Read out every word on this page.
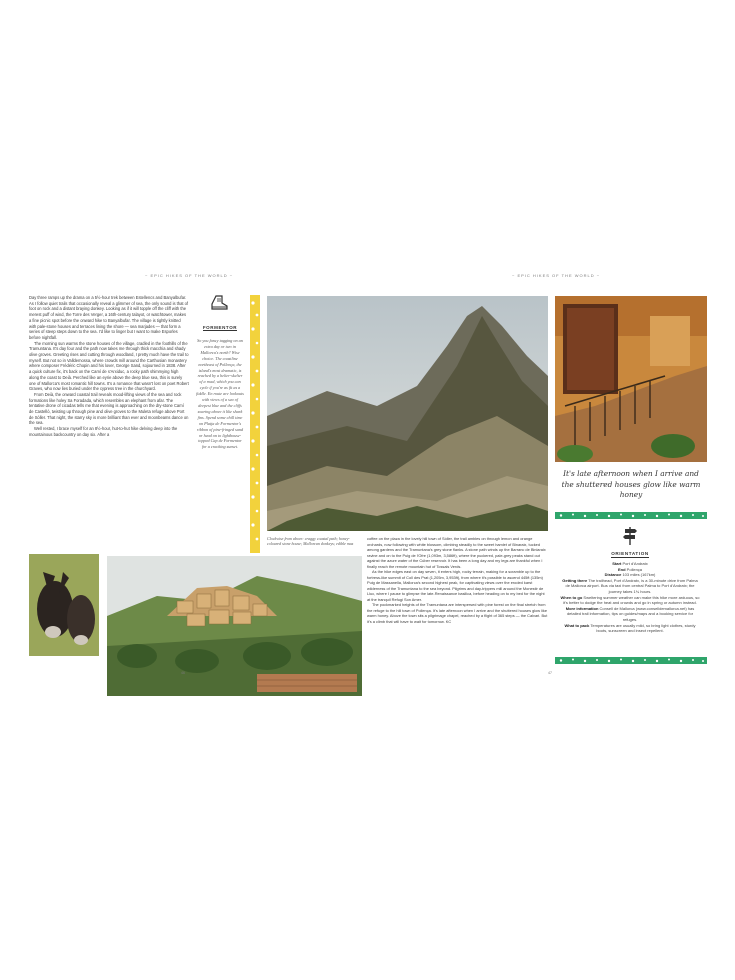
~ EPIC HIKES OF THE WORLD ~	~ EPIC HIKES OF THE WORLD ~

Day three ramps up the drama on a 5½-hour trek between Estellencs and Banyalbufar. As I follow quiet trails that occasionally reveal a glimmer of sea, the only sound is that of foot on rock and a distant braying donkey. Looking as if it will topple off the cliff with the merest puff of wind, the Torre des Verger, a 16th-century talayot, or watchtower, makes a fine picnic spot before the onward hike to Banyalbufar. The village is tightly knitted with pale-stone houses and terraces lining the shore — sea marjades — that form a series of steep steps down to the sea. I'd like to linger but I want to make Esporles before nightfall.

The morning sun warms the stone houses of the village, cradled in the foothills of the Tramuntana. It's day four and the path now takes me through thick macchia and shady olive groves. Greeting rises and cutting through woodland, I pretty much have the trail to myself. But not so in Valldemossa, where crowds mill around the Carthusian monastery where composer Frédéric Chopin and his lover, George Sand, sojourned in 1838. After a quick culture fix, it's back on the Camí de s'Arxiduc, a rocky path shimmying high along the coast to Deià. Perched like an eyrie above the deep blue sea, this is surely one of Mallorca's most romantic hill towns. It's a romance that wasn't lost on poet Robert Graves, who now lies buried under the cypress tree in the churchyard.

From Deià, the onward coastal trail reveals mood-lifting views of the sea and rock formations like holey Sa Foradada, which resembles an elephant from afar. The tentative drone of cicadas tells me that evening is approaching on the dry-stone Camí de Castelló, twisting up through pine and olive groves to the Muleta refuge above Port de Sóller. That night, the starry sky is more brilliant than ever and moonbeams dance on the sea.

Well rested, I brace myself for an 8½-hour, hut-to-hut hike delving deep into the mountainous backcountry on day six. After a

FORMENTOR
So you fancy tagging on an extra day or two in Mallorca's north? Wise choice. The coastline northeast of Pollença, the island's most dramatic, is reached by a helter-skelter of a road, which you can cycle if you're as fit as a fiddle. En route are lookouts with views of a sea of deepest blue and the cliffs soaring above it like shark fins. Spend some chill time on Platja de Formentor's ribbon of pine-fringed sand or head on to lighthouse-topped Cap de Formentor for a cracking sunset.
It's late afternoon when I arrive and the shuttered houses glow like warm honey
ORIENTATION
Start Port d'Andratx
End Pollença
Distance 103 miles (167km)
Getting there The trailhead, Port d'Andratx, is a 30-minute drive from Palma de Mallorca airport. Bus via taxi from central Palma to Port d'Andratx; the journey takes 1¾ hours.
When to go Sweltering summer weather can make this hike more arduous, so it's better to dodge the heat and crowds and go in spring or autumn instead.
More information Consell de Mallorca (www.conselldemallorca.net) has detailed trail information, tips on guides/maps and a booking service for refuges.
What to pack Temperatures are usually mild, so bring light clothes, sturdy boots, sunscreen and insect repellent.
Clockwise from above: craggy coastal path; honey-coloured stone house; Mallorcan donkeys; edible mas

coffee on the plaza in the lovely hill town of Sóller, the trail ambles on through lemon and orange orchards, now following with white blossom, climbing steadily to the sweet hamlet of Binaraix, tucked among gardens and the Tramuntana's grey stone flanks. A stone path winds up the Barranc de Biniaraix ravine and on to the Puig de l'Ofre (1,093m, 3,586ft), where the puckered, pale-grey peaks stand out against the azure water of the Cúber reservoir. It has been a long day and my legs are thankful when I finally reach the remote mountain hut of Tossals Verds.

As the hike edges east on day seven, it enters high, rocky terrain, making for a scramble up to the fortress-like summit of Coll des Prat (1,205m, 3,953ft), from where it's possible to ascend 445ft (135m) Puig de Massanella, Mallorca's second highest peak, for captivating views over the eroded karst wilderness of the Tramuntana to the sea beyond. Pilgrims and day-trippers mill around the Monestir de Lluc, where I pause to glimpse the late-Renaissance basilica, before heading on to my bed for the night at the tranquil Refugi Son Amer.

The pockmarked heights of the Tramuntana are interspersed with pine forest on the final stretch from the refuge to the hill town of Pollença. It's late afternoon when I arrive and the shuttered houses glow like warm honey. Above the town sits a pilgrimage chapel, reached by a flight of 365 steps — the Calvari. But it's a climb that will have to wait for tomorrow. KC

46	47
